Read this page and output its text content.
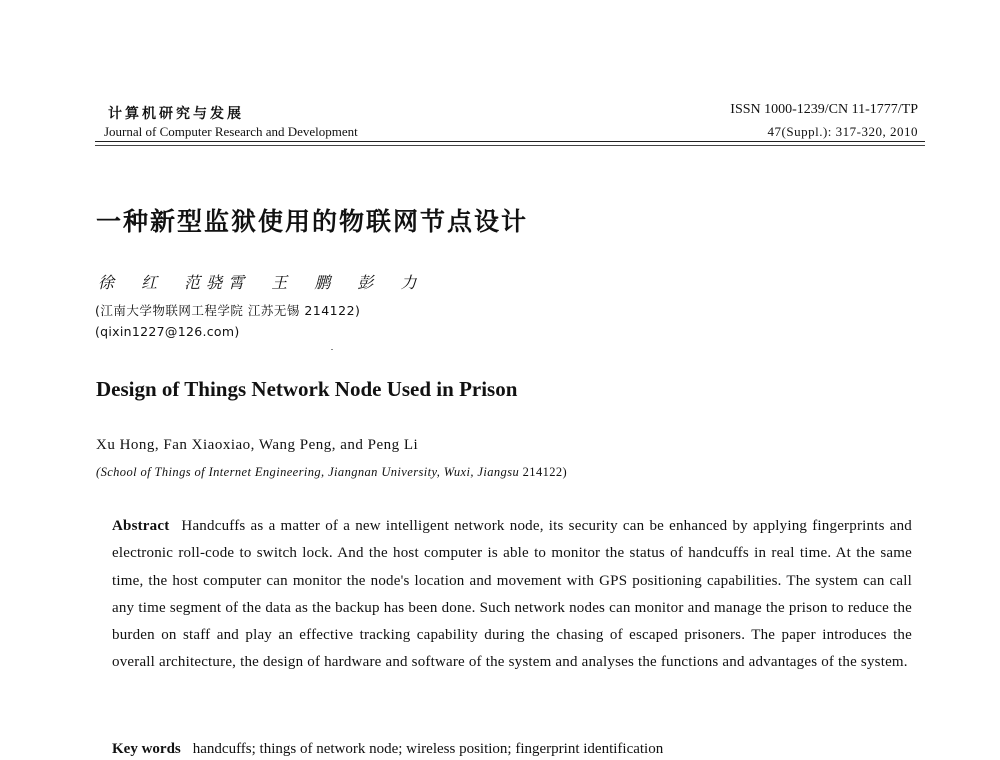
计算机研究与发展
Journal of Computer Research and Development
ISSN 1000-1239/CN 11-1777/TP
47(Suppl.): 317-320, 2010
一种新型监狱使用的物联网节点设计
徐 红 范骁霄 王 鹏 彭 力
(江南大学物联网工程学院 江苏无锡 214122)
(qixin1227@126.com)
Design of Things Network Node Used in Prison
Xu Hong, Fan Xiaoxiao, Wang Peng, and Peng Li
(School of Things of Internet Engineering, Jiangnan University, Wuxi, Jiangsu 214122)
Abstract Handcuffs as a matter of a new intelligent network node, its security can be enhanced by applying fingerprints and electronic roll-code to switch lock. And the host computer is able to monitor the status of handcuffs in real time. At the same time, the host computer can monitor the node's location and movement with GPS positioning capabilities. The system can call any time segment of the data as the backup has been done. Such network nodes can monitor and manage the prison to reduce the burden on staff and play an effective tracking capability during the chasing of escaped prisoners. The paper introduces the overall architecture, the design of hardware and software of the system and analyses the functions and advantages of the system.
Key words handcuffs; things of network node; wireless position; fingerprint identification
